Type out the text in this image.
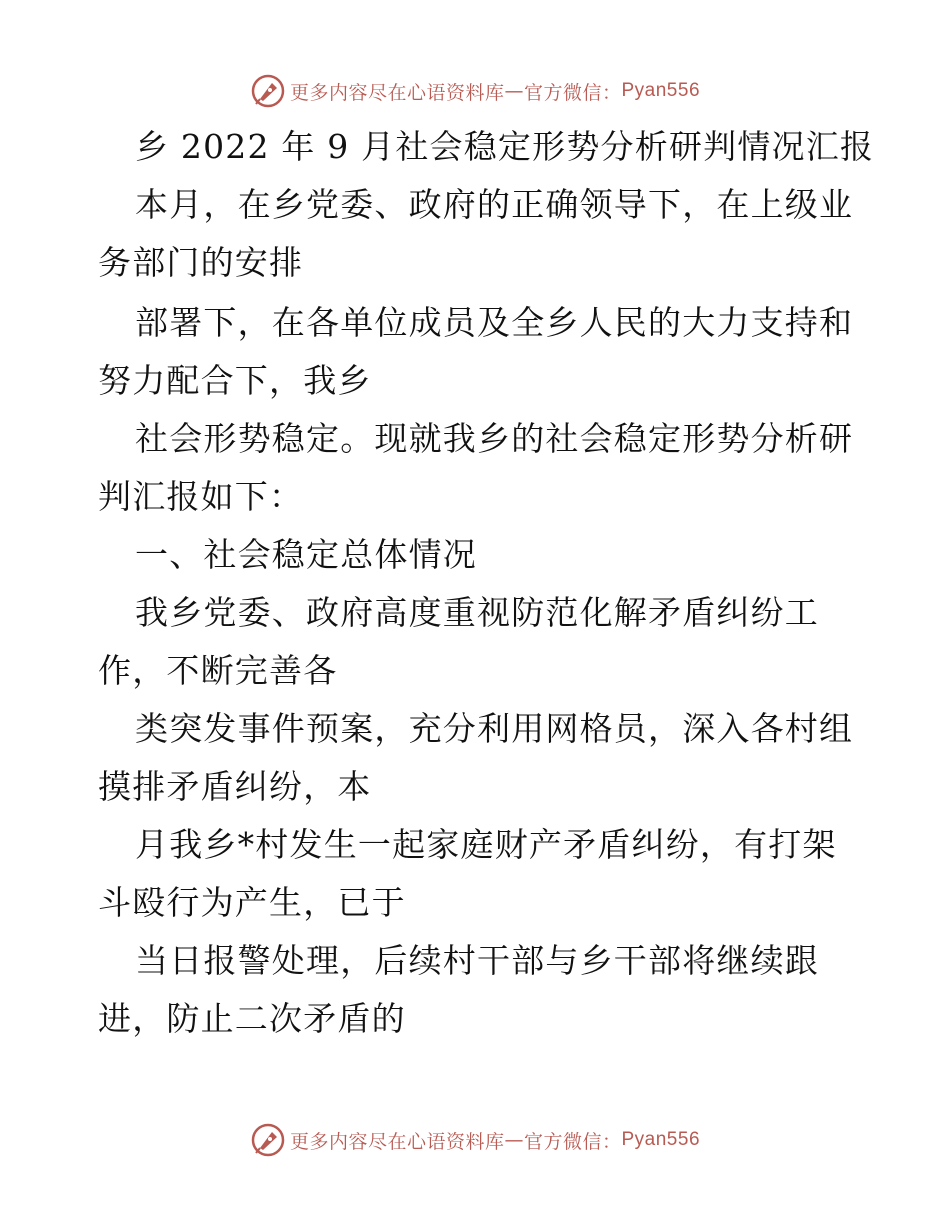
更多内容尽在心语资料库 — 官方微信： Pyan556
乡 2022 年 9 月社会稳定形势分析研判情况汇报
本月，在乡党委、政府的正确领导下，在上级业
务部门的安排
部署下，在各单位成员及全乡人民的大力支持和
努力配合下，我乡
社会形势稳定。现就我乡的社会稳定形势分析研
判汇报如下：
一、社会稳定总体情况
我乡党委、政府高度重视防范化解矛盾纠纷工
作，不断完善各
类突发事件预案，充分利用网格员，深入各村组
摸排矛盾纠纷，本
月我乡*村发生一起家庭财产矛盾纠纷，有打架
斗殴行为产生，已于
当日报警处理，后续村干部与乡干部将继续跟
进，防止二次矛盾的
更多内容尽在心语资料库 — 官方微信： Pyan556
